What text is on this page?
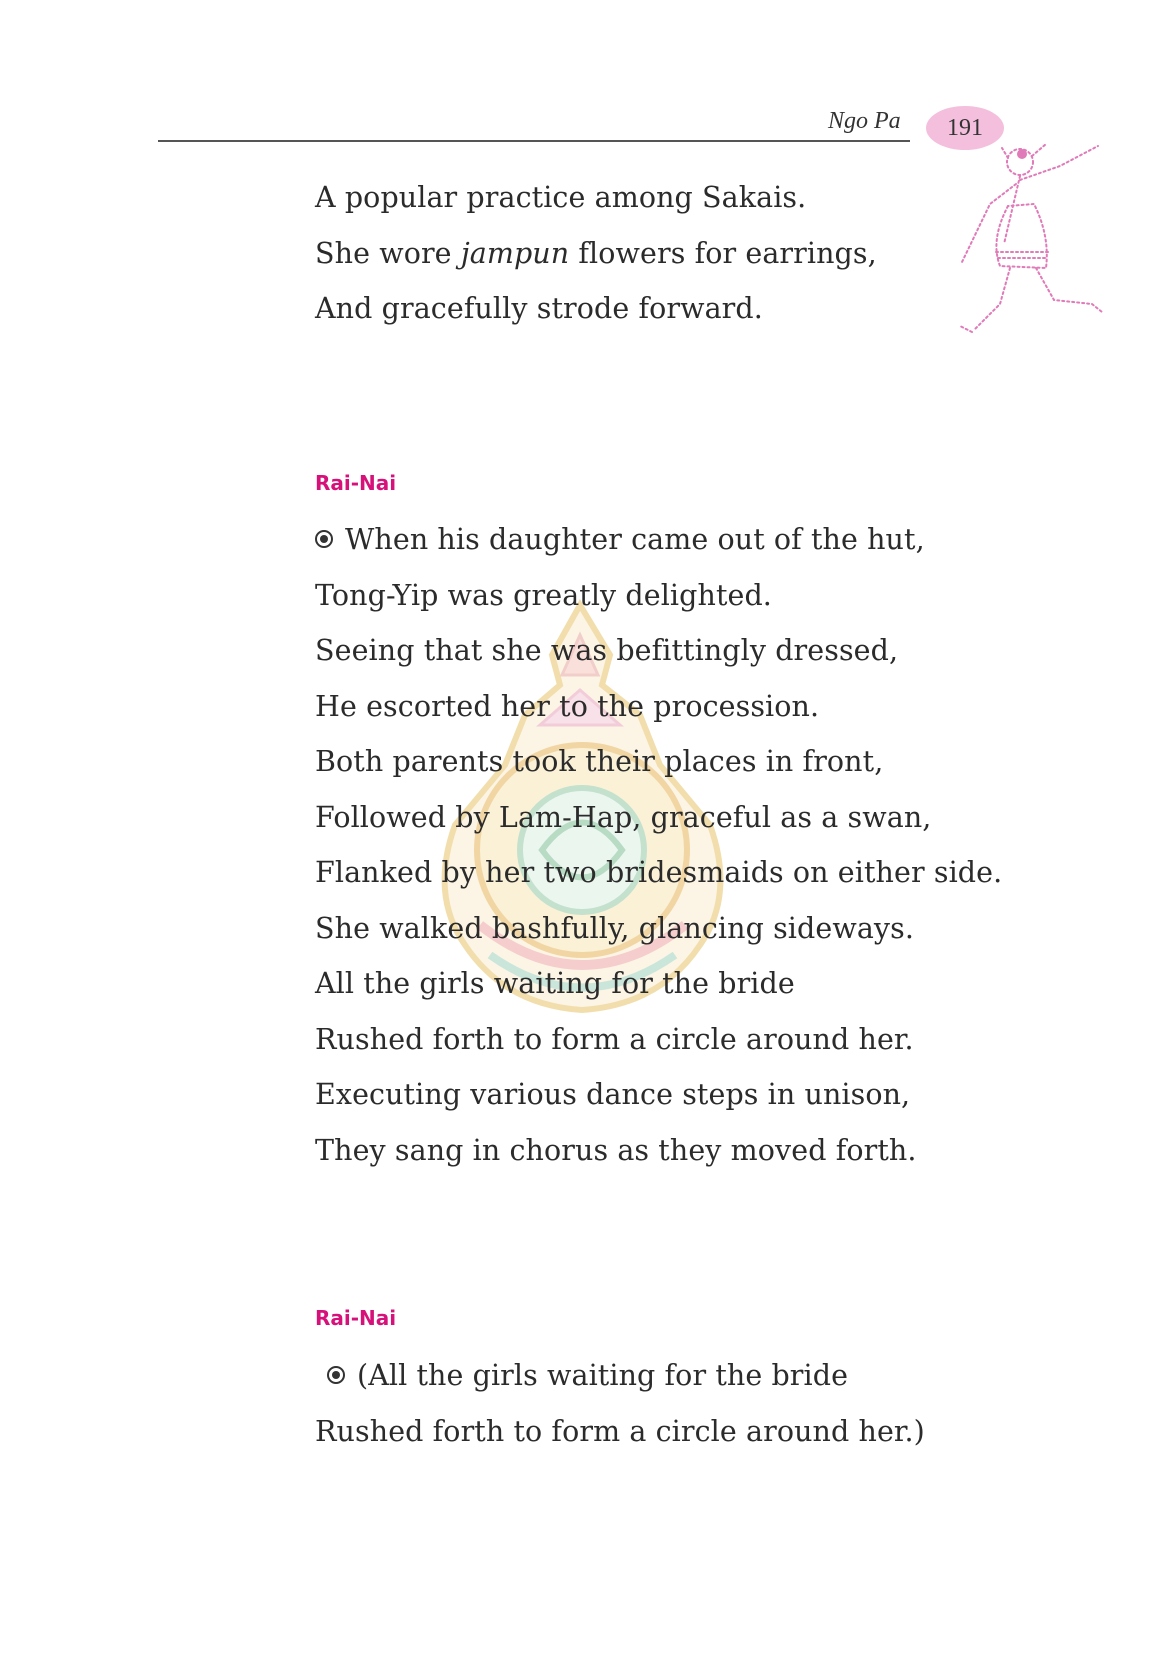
Ngo Pa 191
A popular practice among Sakais.
She wore jampun flowers for earrings,
And gracefully strode forward.
Rai-Nai
When his daughter came out of the hut,
Tong-Yip was greatly delighted.
Seeing that she was befittingly dressed,
He escorted her to the procession.
Both parents took their places in front,
Followed by Lam-Hap, graceful as a swan,
Flanked by her two bridesmaids on either side.
She walked bashfully, glancing sideways.
All the girls waiting for the bride
Rushed forth to form a circle around her.
Executing various dance steps in unison,
They sang in chorus as they moved forth.
Rai-Nai
(All the girls waiting for the bride
Rushed forth to form a circle around her.)
